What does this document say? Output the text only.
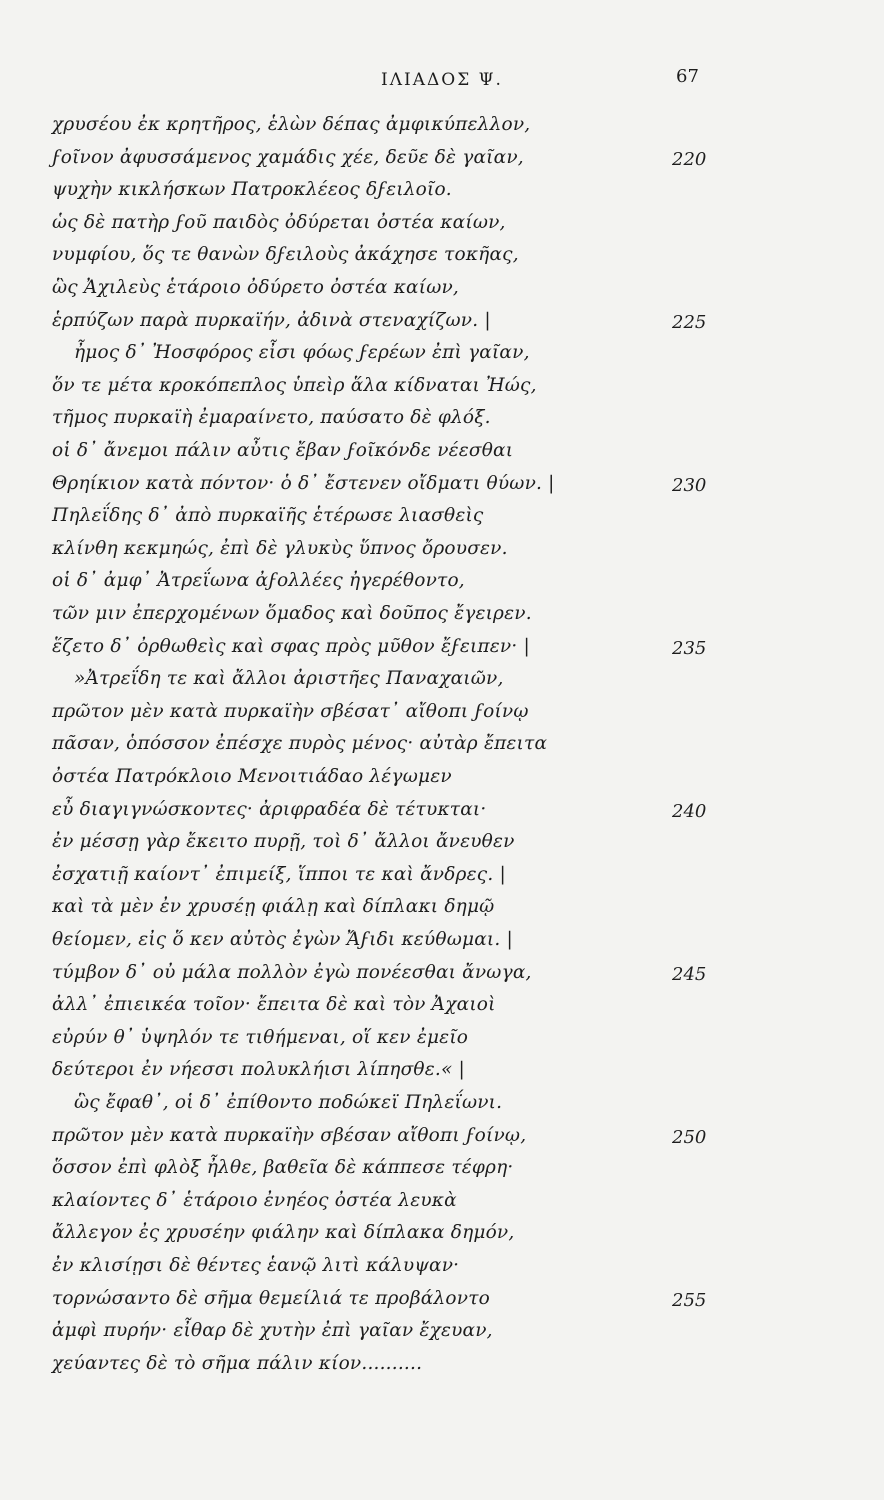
ΙΛΙΑΔΟΣ Ψ.	67
χρυσέου ἐκ κρητῆρος, ἑλὼν δέπας ἀμφικύπελλον,
ϝοῖνον ἀφυσσάμενος χαμάδις χέε, δεῦε δὲ γαῖαν,
ψυχὴν κικλήσκων Πατροκλέεος δϝειλοῖο.
ὡς δὲ πατὴρ ϝοῦ παιδὸς ὀδύρεται ὀστέα καίων,
νυμφίου, ὅς τε θανὼν δϝειλοὺς ἀκάχησε τοκῆας,
ὣς Ἀχιλεὺς ἑτάροιο ὀδύρετο ὀστέα καίων,
ἑρπύζων παρὰ πυρκαϊήν, ἀδινὰ στεναχίζων. |
ἦμος δ᾽ Ἠοσφόρος εἶσι φόως ϝερέων ἐπὶ γαῖαν,
ὅν τε μέτα κροκόπεπλος ὑπεὶρ ἅλα κίδναται Ἠώς,
τῆμος πυρκαϊὴ ἐμαραίνετο, παύσατο δὲ φλόξ.
οἱ δ᾽ ἄνεμοι πάλιν αὖτις ἔβαν ϝοῖκόνδε νέεσθαι
Θρηίκιον κατὰ πόντον· ὁ δ᾽ ἔστενεν οἴδματι θύων. |
Πηλεΐδης δ᾽ ἀπὸ πυρκαϊῆς ἑτέρωσε λιασθεὶς
κλίνθη κεκμηώς, ἐπὶ δὲ γλυκὺς ὕπνος ὄρουσεν.
οἱ δ᾽ ἀμφ᾽ Ἀτρεΐωνα ἀϝολλέες ἠγερέθοντο,
τῶν μιν ἐπερχομένων ὅμαδος καὶ δοῦπος ἔγειρεν.
ἕζετο δ᾽ ὀρθωθεὶς καὶ σφας πρὸς μῦθον ἔϝειπεν· |
»Ἀτρεΐδη τε καὶ ἄλλοι ἀριστῆες Παναχαιῶν,
πρῶτον μὲν κατὰ πυρκαϊὴν σβέσατ᾽ αἴθοπι ϝοίνῳ
πᾶσαν, ὁπόσσον ἐπέσχε πυρὸς μένος· αὐτὰρ ἔπειτα
ὀστέα Πατρόκλοιο Μενοιτιάδαο λέγωμεν
εὖ διαγιγνώσκοντες· ἀριφραδέα δὲ τέτυκται·
ἐν μέσσῃ γὰρ ἔκειτο πυρῇ, τοὶ δ᾽ ἄλλοι ἄνευθεν
ἐσχατιῇ καίοντ᾽ ἐπιμείξ, ἵπποι τε καὶ ἄνδρες. |
καὶ τὰ μὲν ἐν χρυσέῃ φιάλῃ καὶ δίπλακι δημῷ
θείομεν, εἰς ὅ κεν αὐτὸς ἐγὼν Ἄϝιδι κεύθωμαι. |
τύμβον δ᾽ οὐ μάλα πολλὸν ἐγὼ πονέεσθαι ἄνωγα,
ἀλλ᾽ ἐπιεικέα τοῖον· ἔπειτα δὲ καὶ τὸν Ἀχαιοὶ
εὐρύν θ᾽ ὑψηλόν τε τιθήμεναι, οἵ κεν ἐμεῖο
δεύτεροι ἐν νήεσσι πολυκλήισι λίπησθε.« |
ὣς ἔφαθ᾽, οἱ δ᾽ ἐπίθοντο ποδώκεϊ Πηλεΐωνι.
πρῶτον μὲν κατὰ πυρκαϊὴν σβέσαν αἴθοπι ϝοίνῳ,
ὅσσον ἐπὶ φλὸξ ἦλθε, βαθεῖα δὲ κάππεσε τέφρη·
κλαίοντες δ᾽ ἑτάροιο ἐνηέος ὀστέα λευκὰ
ἄλλεγον ἐς χρυσέην φιάλην καὶ δίπλακα δημόν,
ἐν κλισίῃσι δὲ θέντες ἑανῷ λιτὶ κάλυψαν·
τορνώσαντο δὲ σῆμα θεμείλιά τε προβάλοντο
ἀμφὶ πυρήν· εἶθαρ δὲ χυτὴν ἐπὶ γαῖαν ἔχευαν,
χεύαντες δὲ τὸ σῆμα πάλιν κίον..........
220
225
230
235
240
245
250
255
